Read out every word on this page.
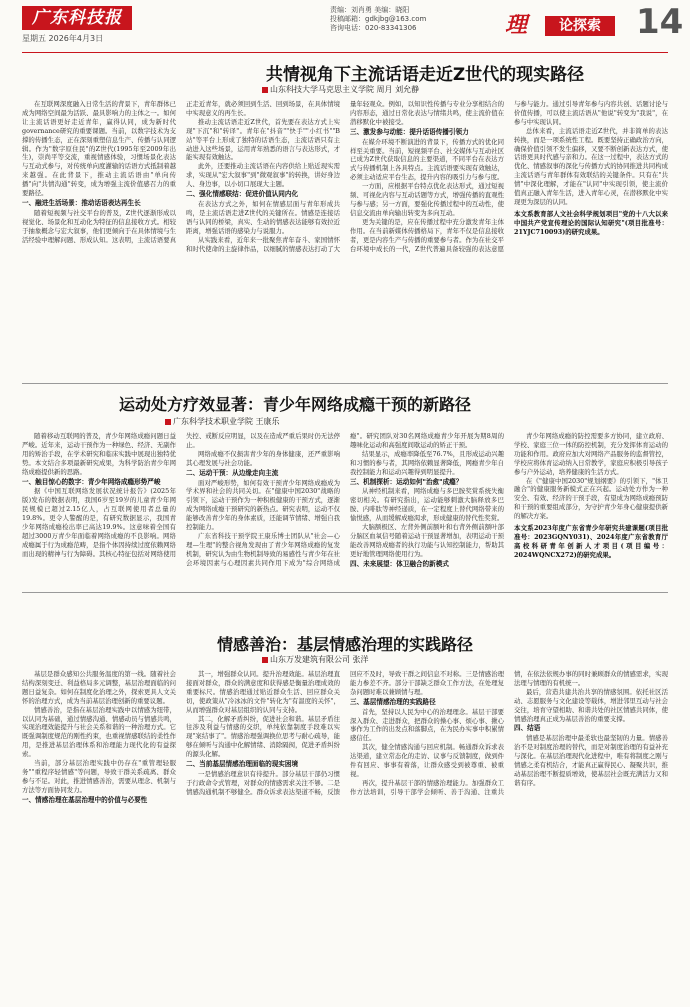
广东科技报
星期五 2026年4月3日
责编：刘肖勇 美编：晓阳
投稿邮箱：gdkjbg@163.com
咨询电话：020-83341306	理	论探索	14
共情视角下主流话语走近Z世代的现实路径
山东科技大学马克思主义学院 周月 刘允静

在互联网深度融入日常生活的背景下，青年群体已成为网络空间最为活跃、最具影响力的主体之一。如何让主流话语更好走近青年，赢得认同，成为新时代governance研究的重要课题。当前，以数字技术为支撑的传播生态，正在深刻重塑信息生产、传播与认同逻辑。作为"数字原住民"的Z世代(1995年至2009年出生)，崇尚平等交流，重视情感体验，习惯场景化表达与互动式参与，对传统单向度灌输的话语方式抵制着越来越强。在此背景下，推动主流话语由"单向传播"向"共情沟通"转变，成为增强主流价值感召力的重要路径。

一、融进生活场景：推动话语表达再生长

随着短视频与社交平台的普及，Z世代逐渐形成以视觉化、场景化和互动化为特征的信息接收方式。相较于抽象概念与宏大叙事，他们更倾向于在具体情境与生活经验中理解问题、形成认知。这表明，主流话语要真正走近青年，就必须回到生活、回到场景，在具体情境中实现意义的再生长。

推动主流话语走近Z世代，首先要在表达方式上实现"下沉"和"转译"。青年在"抖音""快手""小红书""B站"等平台上形成了独特的话语生态，主流话语只有主动进入这些场景，运用青年熟悉的语言与表达形式，才能实现有效触达。

此外，还要推动主流话语在内容供给上贴近现实需求，实现从"宏大叙事"到"微观叙事"的转换，讲好身边人、身边事，以小切口展现大主题。

二、强化情感联结：促进价值认同内化

在表达方式之外，如何在情感层面与青年形成共鸣，是主流话语走进Z世代的关键所在。情感是连接话语与认同的桥梁，真实、生动的情感表达能够有效拉近距离，增强话语的感染力与说服力。

从实践来看，近年来一批聚焦青年奋斗、家国情怀和时代使命的主旋律作品，以细腻的情感表达打动了大量年轻观众。例如，以知识性传播与专业分享相结合的内容形态，通过日常化表达与情绪共鸣，使主流价值在潜移默化中被接受。

三、激发参与动能：提升话语传播引领力

在媒介环境不断演进的背景下，传播方式的优化同样至关重要。当前，短视频平台、社交媒体与互动社区已成为Z世代获取信息的主要渠道，不同平台在表达方式与传播机制上各具特点。主流话语要实现有效触达，必须主动适应平台生态，提升内容的吸引力与参与度。

一方面，应根据平台特点优化表达形式，通过短视频、可视化内容与互动话题等方式，增强传播的直观性与参与感；另一方面，要强化传播过程中的互动性，使信息交流由单向输出转变为多向互动。

更为关键的是，应在传播过程中充分激发青年主体作用。在当前新媒体传播格局下，青年不仅是信息接收者，更是内容生产与传播的重要参与者。作为在社交平台环境中成长的一代，Z世代普遍具备较强的表达意愿与参与能力。通过引导青年参与内容共创、话题讨论与价值传播，可以使主流话语从"他说"转变为"我说"，在参与中实现认同。

总体来看，主流话语走近Z世代，并非简单的表达转换，而是一项系统性工程。既要坚持正确政治方向，确保价值引领不发生偏移，又要不断创新表达方式，使话语更具时代感与亲和力。在这一过程中，表达方式的优化、情感叙事的深化与传播方式的协同推进共同构成主流话语与青年群体有效联结的关键条件。只有在"共情"中深化理解，才能在"认同"中实现引领，使主流价值真正融入青年生活，进入青年心灵，在潜移默化中实现更为深层的认同。

本文系教育部人文社会科学规划项目"党的十八大以来中国共产党宣传理论的国际认知研究"(项目批准号：21YJC710093)的研究成果。

运动处方疗效显著：青少年网络成瘾干预的新路径
广东科学技术职业学院 王康乐

随着移动互联网的普及，青少年网络成瘾问题日益严峻。近年来，运动干预作为一种绿色、经济、无副作用的矫治手段，在学术研究和临床实践中展现出独特优势。本文结合多项最新研究成果，为科学防治青少年网络成瘾提供新的思路。

一、触目惊心的数字：青少年网络成瘾形势严峻

据《中国互联网络发展状况统计报告》(2025年版)发布的数据表明，我国6岁至19岁的儿童青少年网民规模已超过2.15亿人，占互联网使用者总量的19.8%。更令人警醒的是，有研究数据显示，我国青少年网络成瘾检出率已高达19.9%。这意味着全国有超过3000万青少年面临着网络成瘾的不良影响。网络成瘾属于行为成瘾范畴，是指个体因持续过度依赖网络而出现的精神与行为障碍。其核心特征包括对网络使用失控、戒断反应明显，以及在造成严重后果时仍无法停止。

网络成瘾不仅损害青少年的身体健康，还严重影响其心理发展与社会功能。

二、运动干预：从边缘走向主流

面对严峻形势，如何有效干预青少年网络成瘾成为学术界和社会的共同关切。在"健康中国2030"战略的引领下，运动干预作为一种积极健康的干预方式，逐渐成为网络成瘾干预研究的新热点。研究表明，运动不仅能够改善青少年的身体素质，还能调节情绪、增强自我控制能力。

广东省科技干预学院王康乐博士团队从"社会—心理—生理"的整合视角发现由了青少年网络成瘾的复发机制，研究认为由生物机制导致的易感性与青少年在社会环境因素与心理因素共同作用下成为"综合网络成瘾"。研究团队对30名网络成瘾青少年开展为期8周的趣味化运动和高强度间歇运动的矫正干预。

结果显示，成瘾率降低至76.7%，且形成运动兴趣和习惯的参与者，其网络依赖显著降低，网瘾青少年自我控制能力和运动兴趣得到明显提升。

三、机制探析：运动如何"治愈"成瘾？

从神经机制来看，网络成瘾与多巴胺奖赏系统失衡密切相关。有研究指出，运动能够刺激大脑释放多巴胺、内啡肽等神经递质，在一定程度上替代网络带来的愉悦感，从而缓解成瘾渴求，形成健康的替代性奖赏。

大脑额极区、左背外侧前额叶和右背外侧前额叶部分脑区血氧信号随着运动干预显著增加，表明运动干预能改善网络成瘾者的执行功能与认知控制能力，帮助其更好地管理网络使用行为。

四、未来展望：体卫融合的新模式

青少年网络成瘾的防控需要多方协同，建立政府、学校、家庭三位一体的防控机制，充分发挥体育运动的功能和作用。政府应加大对网络产品服务的监督管控，学校应将体育运动纳入日常教学，家庭应积极引导孩子参与户外运动，培养健康的生活方式。

在《"健康中国2030"规划纲要》的引领下，"体卫融合"的健康服务新模式正在兴起。运动处方作为一种安全、有效、经济的干预手段，有望成为网络成瘾预防和干预的重要组成部分，为守护青少年身心健康提供新的解决方案。

本文系2023年度广东省青少年研究共建课题(项目批准号：2023GQNY031)、2024年度广东省教育厅高校科研青年创新人才项目(项目编号：2024WQNCX272)的研究成果。

情感善治：基层情感治理的实践路径
山东万发建筑有限公司 张洋

基层是群众感知公共服务温度的第一线。随着社会结构深刻变迁、利益格局多元调整，基层治理面临的问题日益复杂。如何在制度化治理之外，探索更具人文关怀的治理方式，成为当前基层治理创新的重要议题。

情感善治，是指在基层治理实践中以情感为纽带，以认同为基础，通过情感沟通、情感动员与情感共鸣，实现治理效能提升与社会关系和谐的一种治理方式。它既强调制度规范的刚性约束，也重视情感联结的柔性作用，是推进基层治理体系和治理能力现代化的有益探索。

当前，部分基层治理实践中仍存在"重管理轻服务""重程序轻情感"等问题，导致干群关系疏离、群众参与不足。对此，推进情感善治，需要从理念、机制与方法等方面协同发力。

一、情感治理在基层治理中的价值与必要性

其一，增强群众认同。提升治理效能。基层治理直接面对群众，群众的满意度和获得感是衡量治理成效的重要标尺。情感治理通过贴近群众生活、回应群众关切，使政策从"冷冰冰的文件"转化为"有温度的关怀"，从而增强群众对基层组织的认同与支持。

其二，化解矛盾纠纷，促进社会和谐。基层矛盾往往涉及利益与情感的交织，单纯依靠制度手段难以实现"案结事了"。情感治理强调换位思考与耐心疏导，能够在倾听与沟通中化解情绪、消除隔阂，促进矛盾纠纷的源头化解。

二、当前基层情感治理面临的现实困境

一是情感治理意识有待提升。部分基层干部仍习惯于行政命令式管理，对群众的情感需求关注不够。二是情感沟通机制不够健全。群众诉求表达渠道不畅，反馈回应不及时，导致干群之间信息不对称。三是情感治理能力参差不齐。部分干部缺乏群众工作方法，在处理复杂问题时难以兼顾情与理。

三、基层情感治理的实践路径

首先，坚持以人民为中心的治理理念。基层干部要深入群众、走进群众，把群众的操心事、烦心事、揪心事作为工作的出发点和落脚点，在为民办实事中积累情感信任。

其次，健全情感沟通与回应机制。畅通群众诉求表达渠道，建立常态化的走访、议事与反馈制度，做到件件有回应、事事有着落，让群众感受到被尊重、被重视。

再次，提升基层干部的情感治理能力。加强群众工作方法培训，引导干部学会倾听、善于沟通、注重共情，在依法依规办事的同时兼顾群众的情感需求，实现法理与情理的有机统一。

最后，营造共建共治共享的情感氛围。依托社区活动、志愿服务与文化建设等载体，增进邻里互动与社会交往，培育守望相助、和谐共处的社区情感共同体，使情感治理真正成为基层善治的重要支撑。

四、结语

情感是基层治理中最柔软也最坚韧的力量。情感善治不是对制度治理的替代，而是对制度治理的有益补充与深化。在基层治理现代化进程中，唯有将制度之刚与情感之柔有机结合，才能真正赢得民心、凝聚共识，推动基层治理不断提质增效，使基层社会既充满活力又和谐有序。
